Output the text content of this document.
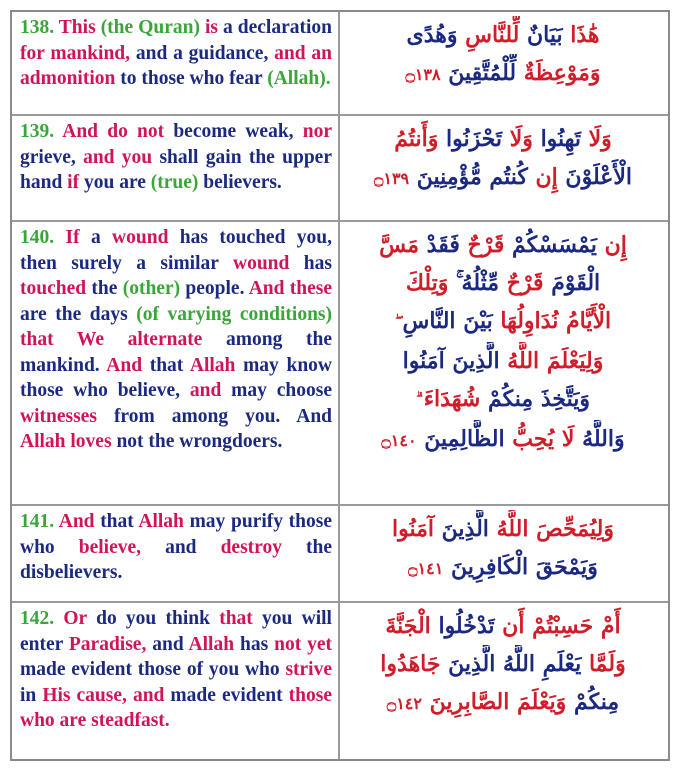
138. This (the Quran) is a declaration for mankind, and a guidance, and an admonition to those who fear (Allah).
هَٰذَا بَيَانٌ لِّلنَّاسِ وَهُدًى
وَمَوْعِظَةٌ لِّلْمُتَّقِينَ ۝١٣٨
139. And do not become weak, nor grieve, and you shall gain the upper hand if you are (true) believers.
وَلَا تَهِنُوا وَلَا تَحْزَنُوا وَأَنتُمُ
الْأَعْلَوْنَ إِن كُنتُم مُّؤْمِنِينَ ۝١٣٩
140. If a wound has touched you, then surely a similar wound has touched the (other) people. And these are the days (of varying conditions) that We alternate among the mankind. And that Allah may know those who believe, and may choose witnesses from among you. And Allah loves not the wrongdoers.
إِن يَمْسَسْكُمْ قَرْحٌ فَقَدْ مَسَّ
الْقَوْمَ قَرْحٌ مِّثْلُهُ ۚ وَتِلْكَ
الْأَيَّامُ نُدَاوِلُهَا بَيْنَ النَّاسِ
وَلِيَعْلَمَ اللَّهُ الَّذِينَ آمَنُوا
وَيَتَّخِذَ مِنكُمْ شُهَدَاءَ
وَاللَّهُ لَا يُحِبُّ الظَّالِمِينَ ۝١٤٠
141. And that Allah may purify those who believe, and destroy the disbelievers.
وَلِيُمَحِّصَ اللَّهُ الَّذِينَ آمَنُوا
وَيَمْحَقَ الْكَافِرِينَ ۝١٤١
142. Or do you think that you will enter Paradise, and Allah has not yet made evident those of you who strive in His cause, and made evident those who are steadfast.
أَمْ حَسِبْتُمْ أَن تَدْخُلُوا الْجَنَّةَ
وَلَمَّا يَعْلَمِ اللَّهُ الَّذِينَ جَاهَدُوا
مِنكُمْ وَيَعْلَمَ الصَّابِرِينَ ۝١٤٢
